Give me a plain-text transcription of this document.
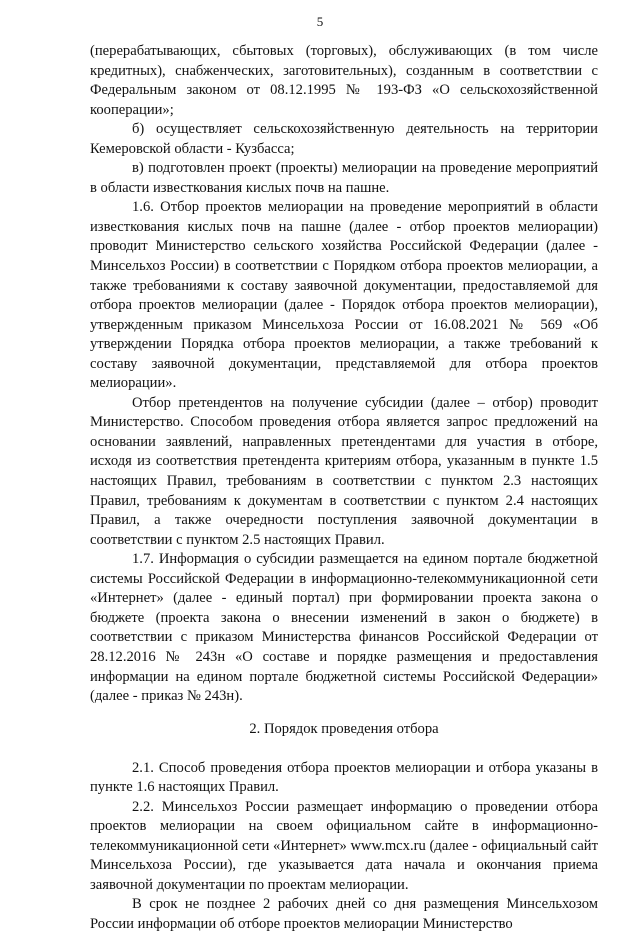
5

(перерабатывающих, сбытовых (торговых), обслуживающих (в том числе кредитных), снабженческих, заготовительных), созданным в соответствии с Федеральным законом от 08.12.1995 № 193-ФЗ «О сельскохозяйственной кооперации»;

б) осуществляет сельскохозяйственную деятельность на территории Кемеровской области - Кузбасса;

в) подготовлен проект (проекты) мелиорации на проведение мероприятий в области известкования кислых почв на пашне.

1.6. Отбор проектов мелиорации на проведение мероприятий в области известкования кислых почв на пашне (далее - отбор проектов мелиорации) проводит Министерство сельского хозяйства Российской Федерации (далее - Минсельхоз России) в соответствии с Порядком отбора проектов мелиорации, а также требованиями к составу заявочной документации, предоставляемой для отбора проектов мелиорации (далее - Порядок отбора проектов мелиорации), утвержденным приказом Минсельхоза России от 16.08.2021 № 569 «Об утверждении Порядка отбора проектов мелиорации, а также требований к составу заявочной документации, представляемой для отбора проектов мелиорации».

Отбор претендентов на получение субсидии (далее – отбор) проводит Министерство. Способом проведения отбора является запрос предложений на основании заявлений, направленных претендентами для участия в отборе, исходя из соответствия претендента критериям отбора, указанным в пункте 1.5 настоящих Правил, требованиям в соответствии с пунктом 2.3 настоящих Правил, требованиям к документам в соответствии с пунктом 2.4 настоящих Правил, а также очередности поступления заявочной документации в соответствии с пунктом 2.5 настоящих Правил.

1.7. Информация о субсидии размещается на едином портале бюджетной системы Российской Федерации в информационно-телекоммуникационной сети «Интернет» (далее - единый портал) при формировании проекта закона о бюджете (проекта закона о внесении изменений в закон о бюджете) в соответствии с приказом Министерства финансов Российской Федерации от 28.12.2016 № 243н «О составе и порядке размещения и предоставления информации на едином портале бюджетной системы Российской Федерации» (далее - приказ № 243н).

2. Порядок проведения отбора

2.1. Способ проведения отбора проектов мелиорации и отбора указаны в пункте 1.6 настоящих Правил.

2.2. Минсельхоз России размещает информацию о проведении отбора проектов мелиорации на своем официальном сайте в информационно-телекоммуникационной сети «Интернет» www.mcx.ru (далее - официальный сайт Минсельхоза России), где указывается дата начала и окончания приема заявочной документации по проектам мелиорации.

В срок не позднее 2 рабочих дней со дня размещения Минсельхозом России информации об отборе проектов мелиорации Министерство
